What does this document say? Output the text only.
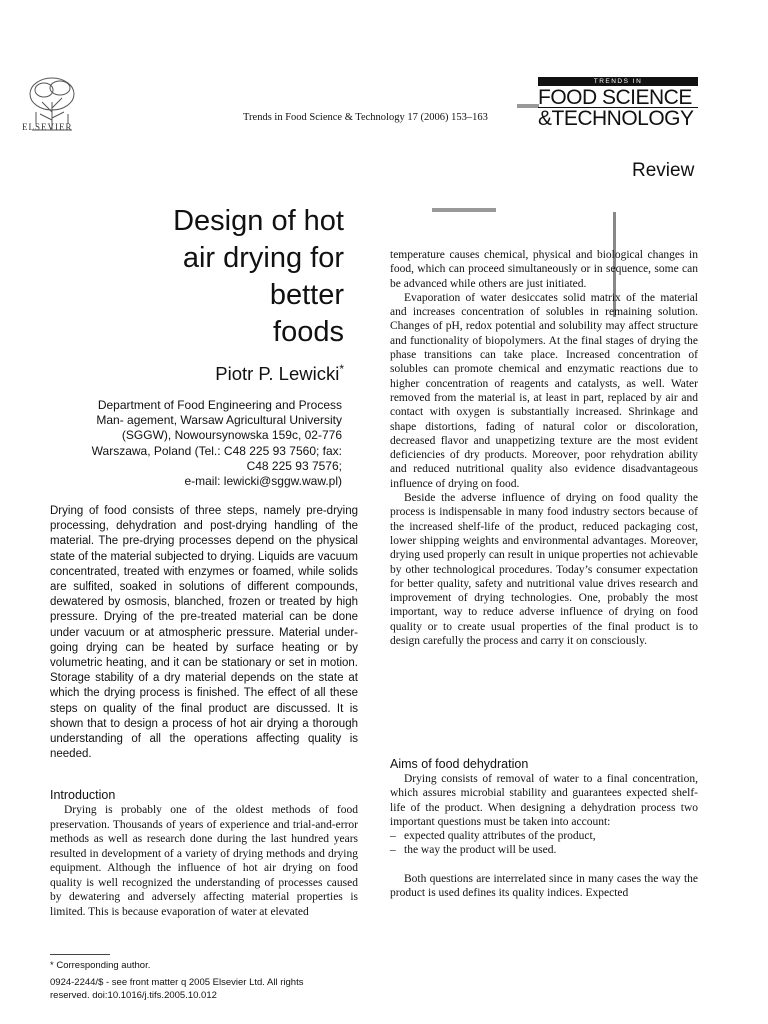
ELSEVIER
Trends in Food Science & Technology 17 (2006) 153–163
TRENDS IN
FOOD SCIENCE
&TECHNOLOGY
Review
Design of hot
air drying for
better
foods
Piotr P. Lewicki*
Department of Food Engineering and Process
Man- agement, Warsaw Agricultural University
(SGGW), Nowoursynowska 159c, 02-776
Warszawa, Poland (Tel.: C48 225 93 7560; fax:
C48 225 93 7576;
e-mail: lewicki@sggw.waw.pl)
Drying of food consists of three steps, namely pre-drying processing, dehydration and post-drying handling of the material. The pre-drying processes depend on the physical state of the material subjected to drying. Liquids are vacuum concentrated, treated with enzymes or foamed, while solids are sulfited, soaked in solutions of different compounds, dewatered by osmosis, blanched, frozen or treated by high pressure. Drying of the pre-treated material can be done under vacuum or at atmospheric pressure. Material under- going drying can be heated by surface heating or by volumetric heating, and it can be stationary or set in motion. Storage stability of a dry material depends on the state at which the drying process is finished. The effect of all these steps on quality of the final product are discussed. It is shown that to design a process of hot air drying a thorough understanding of all the operations affecting quality is needed.
Introduction

Drying is probably one of the oldest methods of food preservation. Thousands of years of experience and trial-and-error methods as well as research done during the last hundred years resulted in development of a variety of drying methods and drying equipment. Although the influence of hot air drying on food quality is well recognized the understanding of processes caused by dewatering and adversely affecting material properties is limited. This is because evaporation of water at elevated

temperature causes chemical, physical and biological changes in food, which can proceed simultaneously or in sequence, some can be advanced while others are just initiated.

Evaporation of water desiccates solid matrix of the material and increases concentration of solubles in remaining solution. Changes of pH, redox potential and solubility may affect structure and functionality of biopolymers. At the final stages of drying the phase transitions can take place. Increased concentration of solubles can promote chemical and enzymatic reactions due to higher concentration of reagents and catalysts, as well. Water removed from the material is, at least in part, replaced by air and contact with oxygen is substantially increased. Shrinkage and shape distortions, fading of natural color or discoloration, decreased flavor and unappetizing texture are the most evident deficiencies of dry products. Moreover, poor rehydration ability and reduced nutritional quality also evidence disadvantageous influence of drying on food.

Beside the adverse influence of drying on food quality the process is indispensable in many food industry sectors because of the increased shelf-life of the product, reduced packaging cost, lower shipping weights and environmental advantages. Moreover, drying used properly can result in unique properties not achievable by other technological procedures. Today’s consumer expectation for better quality, safety and nutritional value drives research and improvement of drying technologies. One, probably the most important, way to reduce adverse influence of drying on food quality or to create usual properties of the final product is to design carefully the process and carry it on consciously.

Aims of food dehydration

Drying consists of removal of water to a final concentration, which assures microbial stability and guarantees expected shelf-life of the product. When designing a dehydration process two important questions must be taken into account:

– expected quality attributes of the product,
– the way the product will be used.

Both questions are interrelated since in many cases the way the product is used defines its quality indices. Expected

* Corresponding author.
0924-2244/$ - see front matter q 2005 Elsevier Ltd. All rights
reserved. doi:10.1016/j.tifs.2005.10.012
